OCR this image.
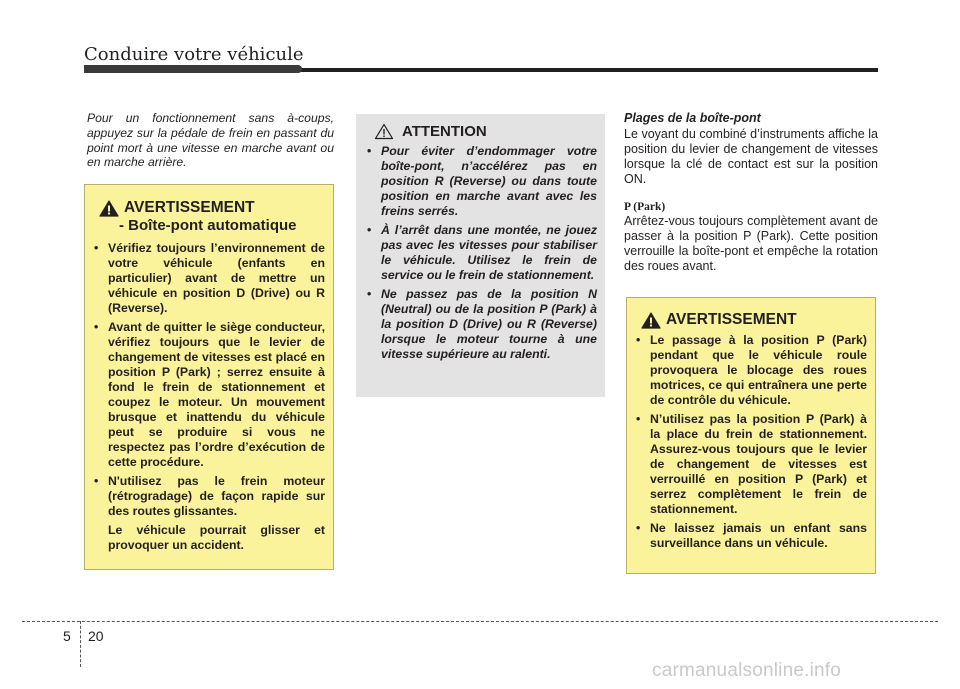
Conduire votre véhicule

Pour un fonctionnement sans à-coups, appuyez sur la pédale de frein en passant du point mort à une vitesse en marche avant ou en marche arrière.

AVERTISSEMENT
- Boîte-pont automatique
• Vérifiez toujours l’environnement de votre véhicule (enfants en particulier) avant de mettre un véhicule en position D (Drive) ou R (Reverse).
• Avant de quitter le siège conducteur, vérifiez toujours que le levier de changement de vitesses est placé en position P (Park) ; serrez ensuite à fond le frein de stationnement et coupez le moteur. Un mouvement brusque et inattendu du véhicule peut se produire si vous ne respectez pas l’ordre d’exécution de cette procédure.
• N'utilisez pas le frein moteur (rétrogradage) de façon rapide sur des routes glissantes.

Le véhicule pourrait glisser et provoquer un accident.

ATTENTION
• Pour éviter d’endommager votre boîte-pont, n’accélérez pas en position R (Reverse) ou dans toute position en marche avant avec les freins serrés.
• À l’arrêt dans une montée, ne jouez pas avec les vitesses pour stabiliser le véhicule. Utilisez le frein de service ou le frein de stationnement.
• Ne passez pas de la position N (Neutral) ou de la position P (Park) à la position D (Drive) ou R (Reverse) lorsque le moteur tourne à une vitesse supérieure au ralenti.

Plages de la boîte-pont

Le voyant du combiné d’instruments affiche la position du levier de changement de vitesses lorsque la clé de contact est sur la position ON.

P (Park)

Arrêtez-vous toujours complètement avant de passer à la position P (Park). Cette position verrouille la boîte-pont et empêche la rotation des roues avant.

AVERTISSEMENT
• Le passage à la position P (Park) pendant que le véhicule roule provoquera le blocage des roues motrices, ce qui entraînera une perte de contrôle du véhicule.
• N’utilisez pas la position P (Park) à la place du frein de stationnement. Assurez-vous toujours que le levier de changement de vitesses est verrouillé en position P (Park) et serrez complètement le frein de stationnement.
• Ne laissez jamais un enfant sans surveillance dans un véhicule.
5 20
carmanualsonline.info
